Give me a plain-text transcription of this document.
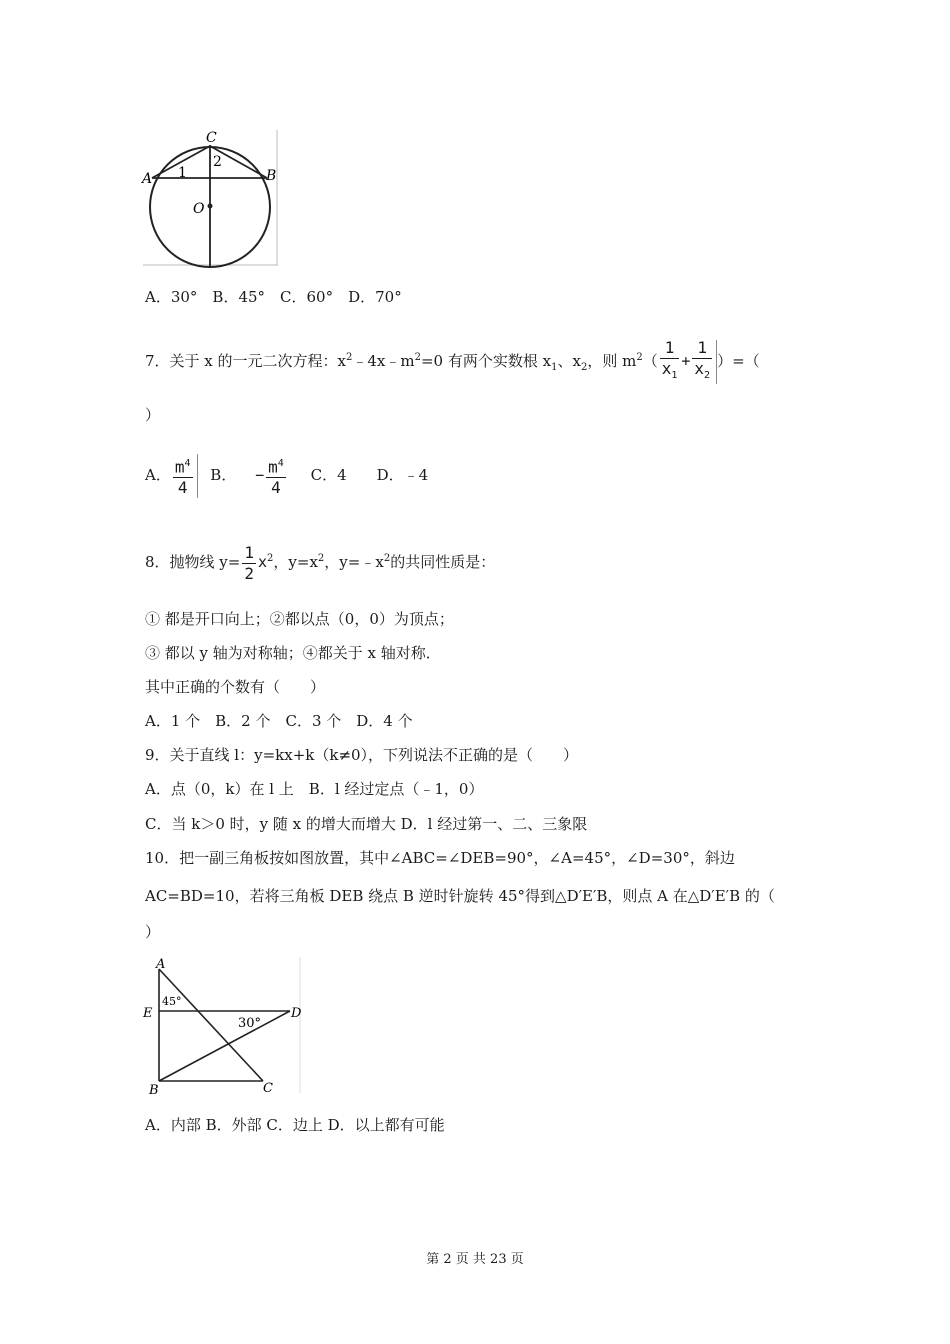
C
A	B
O
1
2
A．30°　B．45°　C．60°　D．70°
7．关于 x 的一元二次方程：$x^2﹣4x﹣m^2=0$ 有两个实数根 $x_1$、$x_2$，则 $m^2( \frac{1}{x_1} + \frac{1}{x_2}$ ）=（
）
A． $\frac{m^4}{4}$ B． − $\frac{m^4}{4}$ C．4　　D．﹣4
8．抛物线 $y= \frac{1}{2} x^2$，$y=x^2$，$y=﹣x^2$的共同性质是：
① 都是开口向上；②都以点（0，0）为顶点；
③ 都以 y 轴为对称轴；④都关于 x 轴对称．
其中正确的个数有（　　）
A．1 个　B．2 个　C．3 个　D．4 个
9．关于直线 l：y=kx+k（k≠0），下列说法不正确的是（　　）
A．点（0，k）在 l 上　B．l 经过定点（﹣1，0）
C．当 k＞0 时，y 随 x 的增大而增大 D．l 经过第一、二、三象限
10．把一副三角板按如图放置，其中∠ABC=∠DEB=90°，∠A=45°，∠D=30°，斜边
AC=BD=10，若将三角板 DEB 绕点 B 逆时针旋转 45°得到△D′E′B，则点 A 在△D′E′B 的（
）
A
E	D
B	C
45°
30°
A．内部 B．外部 C．边上 D．以上都有可能
第 2 页 共 23 页
